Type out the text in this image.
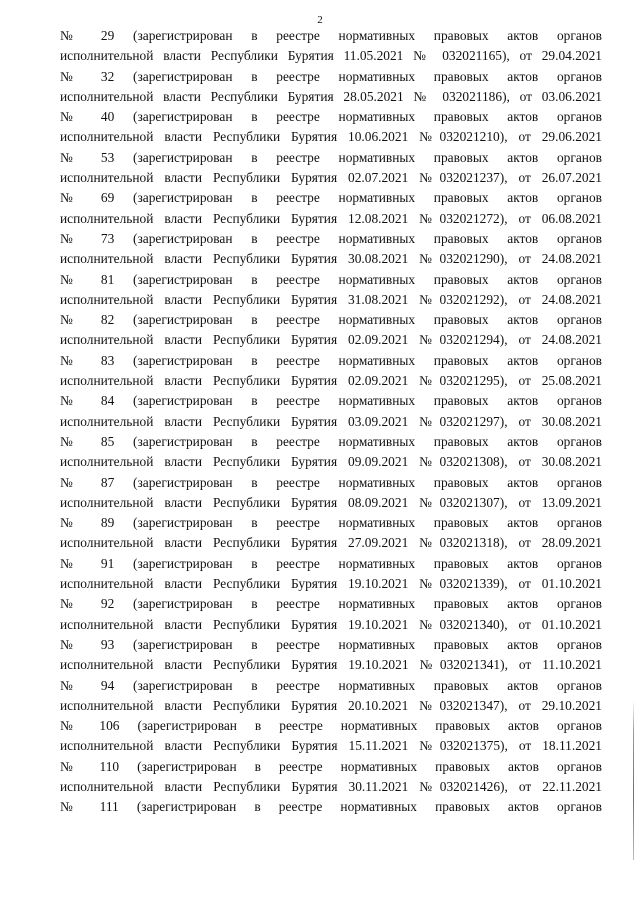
2
№ 29 (зарегистрирован в реестре нормативных правовых актов органов
исполнительной власти Республики Бурятия 11.05.2021 № 032021165), от 29.04.2021
№ 32 (зарегистрирован в реестре нормативных правовых актов органов
исполнительной власти Республики Бурятия 28.05.2021 № 032021186), от 03.06.2021
№ 40 (зарегистрирован в реестре нормативных правовых актов органов
исполнительной власти Республики Бурятия 10.06.2021 №032021210), от 29.06.2021
№ 53 (зарегистрирован в реестре нормативных правовых актов органов
исполнительной власти Республики Бурятия 02.07.2021 №032021237), от 26.07.2021
№ 69 (зарегистрирован в реестре нормативных правовых актов органов
исполнительной власти Республики Бурятия 12.08.2021 №032021272), от 06.08.2021
№ 73 (зарегистрирован в реестре нормативных правовых актов органов
исполнительной власти Республики Бурятия 30.08.2021 №032021290), от 24.08.2021
№ 81 (зарегистрирован в реестре нормативных правовых актов органов
исполнительной власти Республики Бурятия 31.08.2021 №032021292), от 24.08.2021
№ 82 (зарегистрирован в реестре нормативных правовых актов органов
исполнительной власти Республики Бурятия 02.09.2021 №032021294), от 24.08.2021
№ 83 (зарегистрирован в реестре нормативных правовых актов органов
исполнительной власти Республики Бурятия 02.09.2021 №032021295), от 25.08.2021
№ 84 (зарегистрирован в реестре нормативных правовых актов органов
исполнительной власти Республики Бурятия 03.09.2021 №032021297), от 30.08.2021
№ 85 (зарегистрирован в реестре нормативных правовых актов органов
исполнительной власти Республики Бурятия 09.09.2021 №032021308), от 30.08.2021
№ 87 (зарегистрирован в реестре нормативных правовых актов органов
исполнительной власти Республики Бурятия 08.09.2021 №032021307), от 13.09.2021
№ 89 (зарегистрирован в реестре нормативных правовых актов органов
исполнительной власти Республики Бурятия 27.09.2021 №032021318), от 28.09.2021
№ 91 (зарегистрирован в реестре нормативных правовых актов органов
исполнительной власти Республики Бурятия 19.10.2021 №032021339), от 01.10.2021
№ 92 (зарегистрирован в реестре нормативных правовых актов органов
исполнительной власти Республики Бурятия 19.10.2021 №032021340), от 01.10.2021
№ 93 (зарегистрирован в реестре нормативных правовых актов органов
исполнительной власти Республики Бурятия 19.10.2021 №032021341), от 11.10.2021
№ 94 (зарегистрирован в реестре нормативных правовых актов органов
исполнительной власти Республики Бурятия 20.10.2021 №032021347), от 29.10.2021
№ 106 (зарегистрирован в реестре нормативных правовых актов органов
исполнительной власти Республики Бурятия 15.11.2021 №032021375), от 18.11.2021
№ 110 (зарегистрирован в реестре нормативных правовых актов органов
исполнительной власти Республики Бурятия 30.11.2021 №032021426), от 22.11.2021
№ 111 (зарегистрирован в реестре нормативных правовых актов органов
